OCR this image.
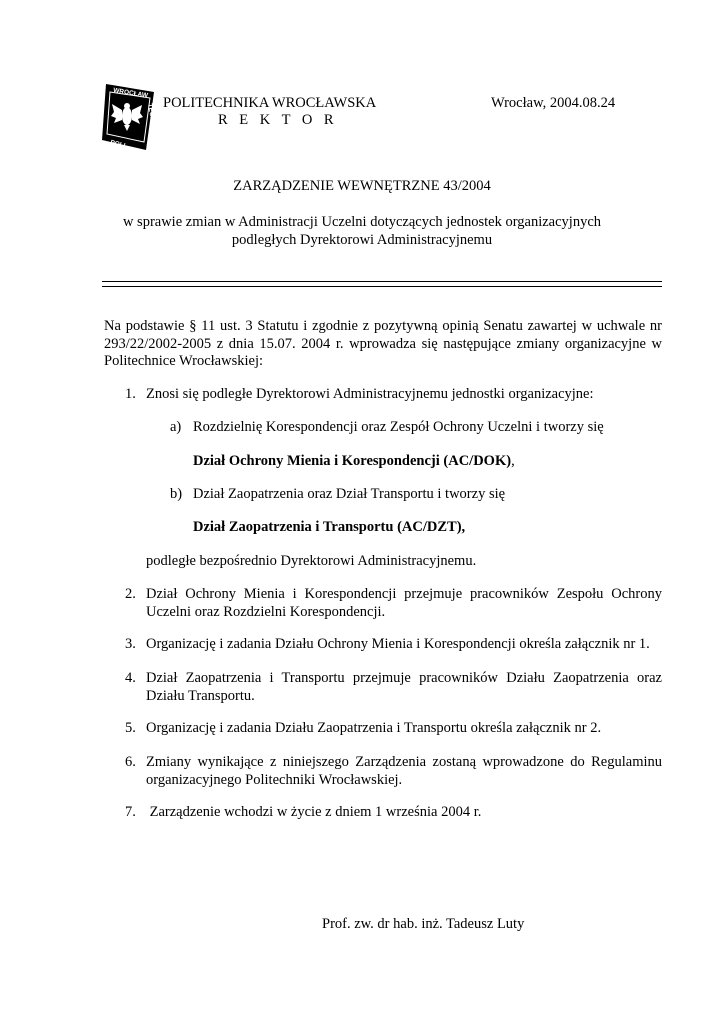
WROCŁAW
TECHNIKA
POLI
POLITECHNIKA WROCŁAWSKA
R E K T O R
Wrocław, 2004.08.24
ZARZĄDZENIE WEWNĘTRZNE 43/2004
w sprawie zmian w Administracji Uczelni dotyczących jednostek organizacyjnych
podległych Dyrektorowi Administracyjnemu
Na podstawie § 11 ust. 3 Statutu i zgodnie z pozytywną opinią Senatu zawartej w uchwale nr 293/22/2002-2005 z dnia 15.07. 2004 r. wprowadza się następujące zmiany organizacyjne w Politechnice Wrocławskiej:
1. Znosi się podległe Dyrektorowi Administracyjnemu jednostki organizacyjne:
a) Rozdzielnię Korespondencji oraz Zespół Ochrony Uczelni i tworzy się
Dział Ochrony Mienia i Korespondencji (AC/DOK),
b) Dział Zaopatrzenia oraz Dział Transportu i tworzy się
Dział Zaopatrzenia i Transportu (AC/DZT),
podległe bezpośrednio Dyrektorowi Administracyjnemu.
2. Dział Ochrony Mienia i Korespondencji przejmuje pracowników Zespołu Ochrony Uczelni oraz Rozdzielni Korespondencji.
3. Organizację i zadania Działu Ochrony Mienia i Korespondencji określa załącznik nr 1.
4. Dział Zaopatrzenia i Transportu przejmuje pracowników Działu Zaopatrzenia oraz Działu Transportu.
5. Organizację i zadania Działu Zaopatrzenia i Transportu określa załącznik nr 2.
6. Zmiany wynikające z niniejszego Zarządzenia zostaną wprowadzone do Regulaminu organizacyjnego Politechniki Wrocławskiej.
7. Zarządzenie wchodzi w życie z dniem 1 września 2004 r.
Prof. zw. dr hab. inż. Tadeusz Luty
